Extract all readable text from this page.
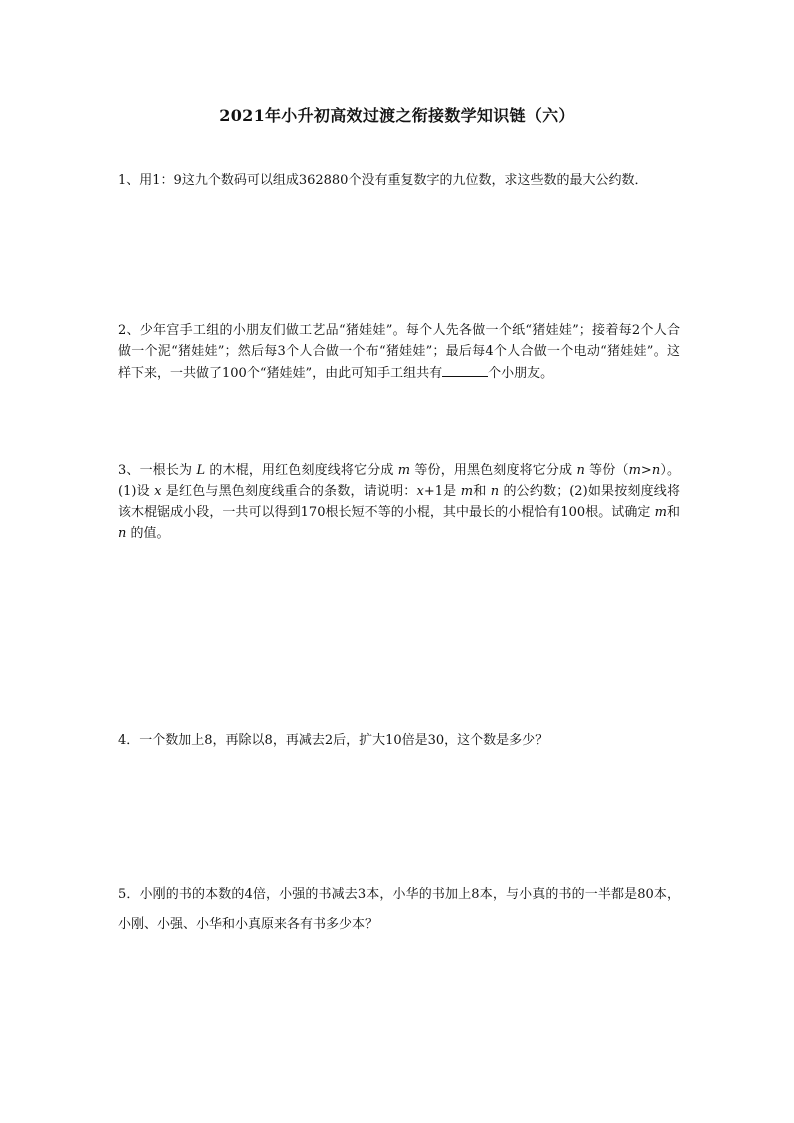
2021年小升初高效过渡之衔接数学知识链（六）
1、用1：9这九个数码可以组成362880个没有重复数字的九位数，求这些数的最大公约数．
2、少年宫手工组的小朋友们做工艺品“猪娃娃”。每个人先各做一个纸“猪娃娃”；接着每2个人合做一个泥“猪娃娃”；然后每3个人合做一个布“猪娃娃”；最后每4个人合做一个电动“猪娃娃”。这样下来，一共做了100个“猪娃娃”，由此可知手工组共有	个小朋友。
3、一根长为 L 的木棍，用红色刻度线将它分成 m 等份，用黑色刻度将它分成 n 等份（m>n）。(1)设 x 是红色与黑色刻度线重合的条数，请说明：x+1是 m和 n 的公约数；(2)如果按刻度线将该木棍锯成小段，一共可以得到170根长短不等的小棍，其中最长的小棍恰有100根。试确定 m和 n 的值。
4．一个数加上8，再除以8，再减去2后，扩大10倍是30，这个数是多少？
5．小刚的书的本数的4倍，小强的书减去3本，小华的书加上8本，与小真的书的一半都是80本，小刚、小强、小华和小真原来各有书多少本？
